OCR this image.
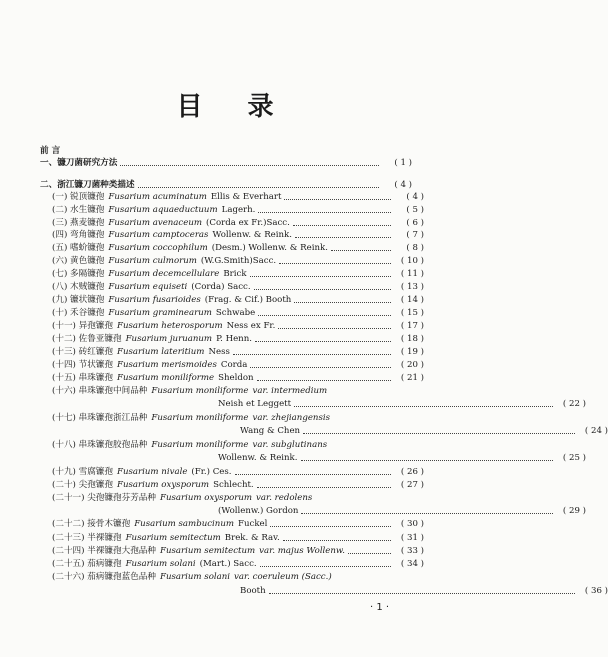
目 录
前 言
一、镰刀菌研究方法	( 1 )
二、浙江镰刀菌种类描述	( 4 )
(一) 锐顶镰孢 Fusarium acuminatum Ellis & Everhart	( 4 )
(二) 水生镰孢 Fusarium aquaeductuum Lagerh.	( 5 )
(三) 燕麦镰孢 Fusarium avenaceum (Corda ex Fr.)Sacc.	( 6 )
(四) 弯角镰孢 Fusarium camptoceras Wollenw. & Reink.	( 7 )
(五) 嗜蚧镰孢 Fusarium coccophilum (Desm.) Wollenw. & Reink.	( 8 )
(六) 黄色镰孢 Fusarium culmorum (W.G.Smith)Sacc.	( 10 )
(七) 多隔镰孢 Fusarium decemcellulare Brick	( 11 )
(八) 木贼镰孢 Fusarium equiseti (Corda) Sacc.	( 13 )
(九) 镰状镰孢 Fusarium fusarioides (Frag. & Cif.) Booth	( 14 )
(十) 禾谷镰孢 Fusarium graminearum Schwabe	( 15 )
(十一) 异孢镰孢 Fusarium heterosporum Ness ex Fr.	( 17 )
(十二) 佐鲁亚镰孢 Fusarium juruanum P. Henn.	( 18 )
(十三) 砖红镰孢 Fusarium lateritium Ness	( 19 )
(十四) 节状镰孢 Fusarium merismoides Corda	( 20 )
(十五) 串珠镰孢 Fusarium moniliforme Sheldon	( 21 )
(十六) 串珠镰孢中间品种 Fusarium moniliforme var. intermedium
Neish et Leggett	( 22 )
(十七) 串珠镰孢浙江品种 Fusarium moniliforme var. zhejiangensis
Wang & Chen	( 24 )
(十八) 串珠镰孢胶孢品种 Fusarium moniliforme var. subglutinans
Wollenw. & Reink.	( 25 )
(十九) 雪腐镰孢 Fusarium nivale (Fr.) Ces.	( 26 )
(二十) 尖孢镰孢 Fusarium oxysporum Schlecht.	( 27 )
(二十一) 尖孢镰孢芬芳品种 Fusarium oxysporum var. redolens
(Wollenw.) Gordon	( 29 )
(二十二) 接骨木镰孢 Fusarium sambucinum Fuckel	( 30 )
(二十三) 半裸镰孢 Fusarium semitectum Brek. & Rav.	( 31 )
(二十四) 半裸镰孢大孢品种 Fusarium semitectum var. majus Wollenw.	( 33 )
(二十五) 茄病镰孢 Fusarium solani (Mart.) Sacc.	( 34 )
(二十六) 茄病镰孢蓝色品种 Fusarium solani var. coeruleum (Sacc.)
Booth	( 36 )
· 1 ·
